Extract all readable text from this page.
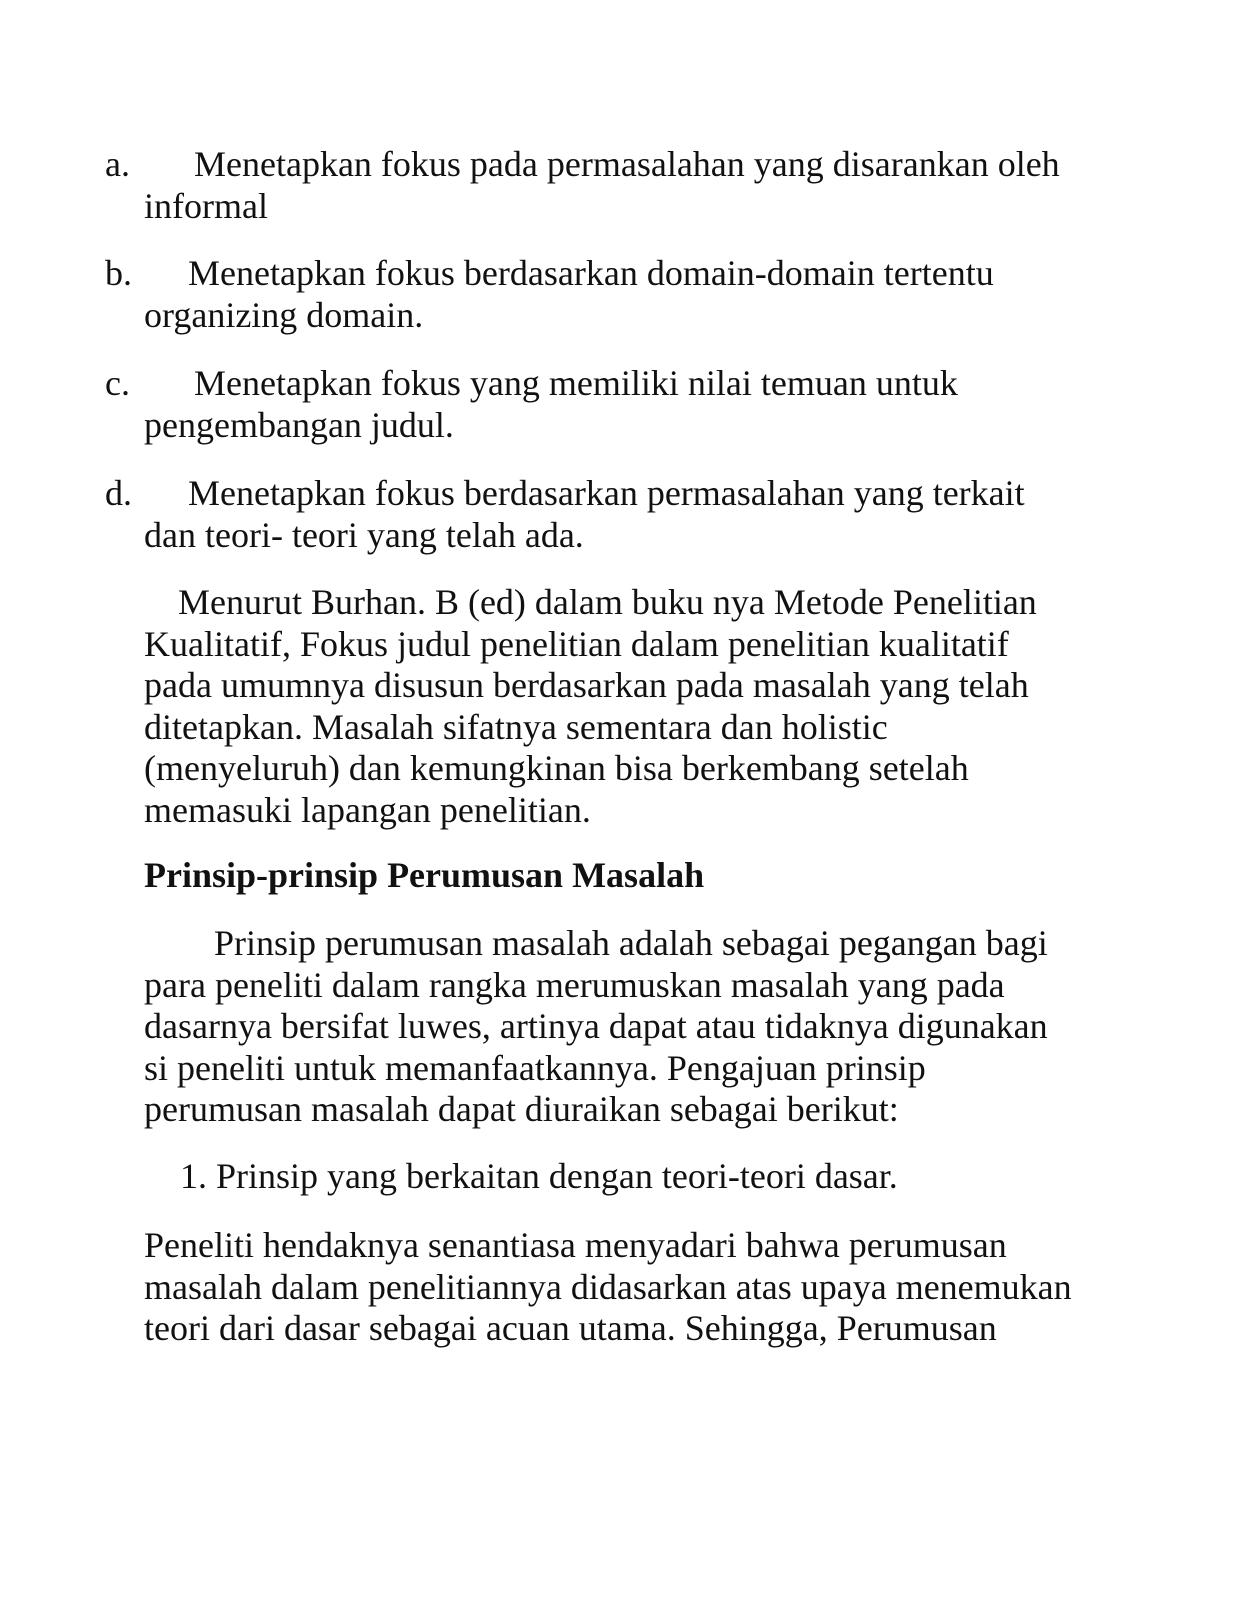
a. Menetapkan fokus pada permasalahan yang disarankan oleh
informal
b. Menetapkan fokus berdasarkan domain-domain tertentu
organizing domain.
c. Menetapkan fokus yang memiliki nilai temuan untuk
pengembangan judul.
d. Menetapkan fokus berdasarkan permasalahan yang terkait
dan teori- teori yang telah ada.
Menurut Burhan. B (ed) dalam buku nya Metode Penelitian
Kualitatif, Fokus judul penelitian dalam penelitian kualitatif
pada umumnya disusun berdasarkan pada masalah yang telah
ditetapkan. Masalah sifatnya sementara dan holistic
(menyeluruh) dan kemungkinan bisa berkembang setelah
memasuki lapangan penelitian.
Prinsip-prinsip Perumusan Masalah
Prinsip perumusan masalah adalah sebagai pegangan bagi
para peneliti dalam rangka merumuskan masalah yang pada
dasarnya bersifat luwes, artinya dapat atau tidaknya digunakan
si peneliti untuk memanfaatkannya. Pengajuan prinsip
perumusan masalah dapat diuraikan sebagai berikut:
1. Prinsip yang berkaitan dengan teori-teori dasar.
Peneliti hendaknya senantiasa menyadari bahwa perumusan
masalah dalam penelitiannya didasarkan atas upaya menemukan
teori dari dasar sebagai acuan utama. Sehingga, Perumusan
